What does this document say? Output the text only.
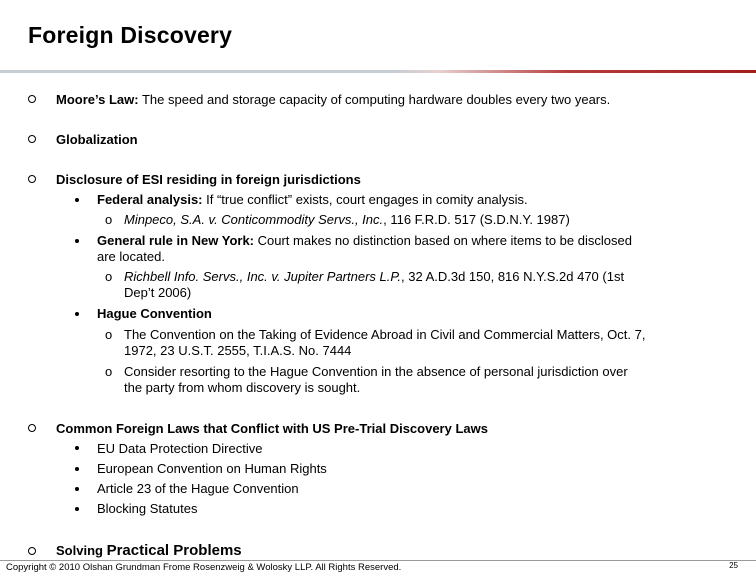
Foreign Discovery
Moore’s Law: The speed and storage capacity of computing hardware doubles every two years.
Globalization
Disclosure of ESI residing in foreign jurisdictions
Federal analysis: If “true conflict” exists, court engages in comity analysis.
o Minpeco, S.A. v. Conticommodity Servs., Inc., 116 F.R.D. 517 (S.D.N.Y. 1987)
General rule in New York: Court makes no distinction based on where items to be disclosed
are located.
o Richbell Info. Servs., Inc. v. Jupiter Partners L.P., 32 A.D.3d 150, 816 N.Y.S.2d 470 (1st
Dep’t 2006)
Hague Convention
o The Convention on the Taking of Evidence Abroad in Civil and Commercial Matters, Oct. 7,
1972, 23 U.S.T. 2555, T.I.A.S. No. 7444
o Consider resorting to the Hague Convention in the absence of personal jurisdiction over
the party from whom discovery is sought.
Common Foreign Laws that Conflict with US Pre-Trial Discovery Laws
EU Data Protection Directive
European Convention on Human Rights
Article 23 of the Hague Convention
Blocking Statutes
Solving Practical Problems
Copyright © 2010 Olshan Grundman Frome Rosenzweig & Wolosky LLP. All Rights Reserved.	25
